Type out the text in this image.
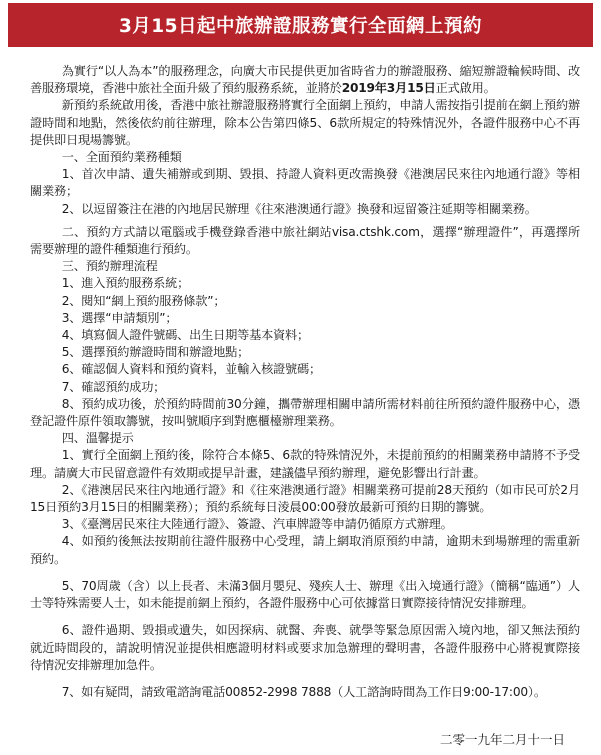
3月15日起中旅辦證服務實行全面網上預約

為實行“以人為本”的服務理念，向廣大市民提供更加省時省力的辦證服務、縮短辦證輪候時間、改善服務環境，香港中旅社全面升級了預約服務系統，並將於2019年3月15日正式啟用。

新預約系統啟用後，香港中旅社辦證服務將實行全面網上預約，申請人需按指引提前在網上預約辦證時間和地點，然後依約前往辦理，除本公告第四條5、6款所規定的特殊情況外，各證件服務中心不再提供即日現場籌號。

一、全面預約業務種類

1、首次申請、遺失補辦或到期、毀損、持證人資料更改需換發《港澳居民來往內地通行證》等相關業務；

2、以逗留簽注在港的內地居民辦理《往來港澳通行證》換發和逗留簽注延期等相關業務。

二、預約方式請以電腦或手機登錄香港中旅社網站visa.ctshk.com，選擇“辦理證件”，再選擇所需要辦理的證件種類進行預約。

三、預約辦理流程

1、進入預約服務系統；

2、閱知“網上預約服務條款”；

3、選擇“申請類別”；

4、填寫個人證件號碼、出生日期等基本資料；

5、選擇預約辦證時間和辦證地點；

6、確認個人資料和預約資料，並輸入核證號碼；

7、確認預約成功；

8、預約成功後，於預約時間前30分鐘，攜帶辦理相關申請所需材料前往所預約證件服務中心，憑登記證件原件領取籌號，按叫號順序到對應櫃檯辦理業務。

四、溫馨提示

1、實行全面網上預約後，除符合本條5、6款的特殊情況外，未提前預約的相關業務申請將不予受理。請廣大市民留意證件有效期或提早計畫，建議儘早預約辦理，避免影響出行計畫。

2、《港澳居民來往內地通行證》和《往來港澳通行證》相關業務可提前28天預約（如市民可於2月15日預約3月15日的相關業務）；預約系統每日淩晨00:00發放最新可預約日期的籌號。

3、《臺灣居民來往大陸通行證》、簽證、汽車牌證等申請仍循原方式辦理。

4、如預約後無法按期前往證件服務中心受理，請上網取消原預約申請，逾期未到場辦理的需重新預約。

5、70周歲（含）以上長者、未滿3個月嬰兒、殘疾人士、辦理《出入境通行證》（簡稱“臨通”）人士等特殊需要人士，如未能提前網上預約，各證件服務中心可依據當日實際接待情況安排辦理。

6、證件過期、毀損或遺失，如因探病、就醫、奔喪、就學等緊急原因需入境內地，卻又無法預約就近時間段的，請說明情況並提供相應證明材料或要求加急辦理的聲明書，各證件服務中心將視實際接待情況安排辦理加急件。

7、如有疑問，請致電諮詢電話00852-2998 7888（人工諮詢時間為工作日9:00-17:00）。

二零一九年二月十一日
